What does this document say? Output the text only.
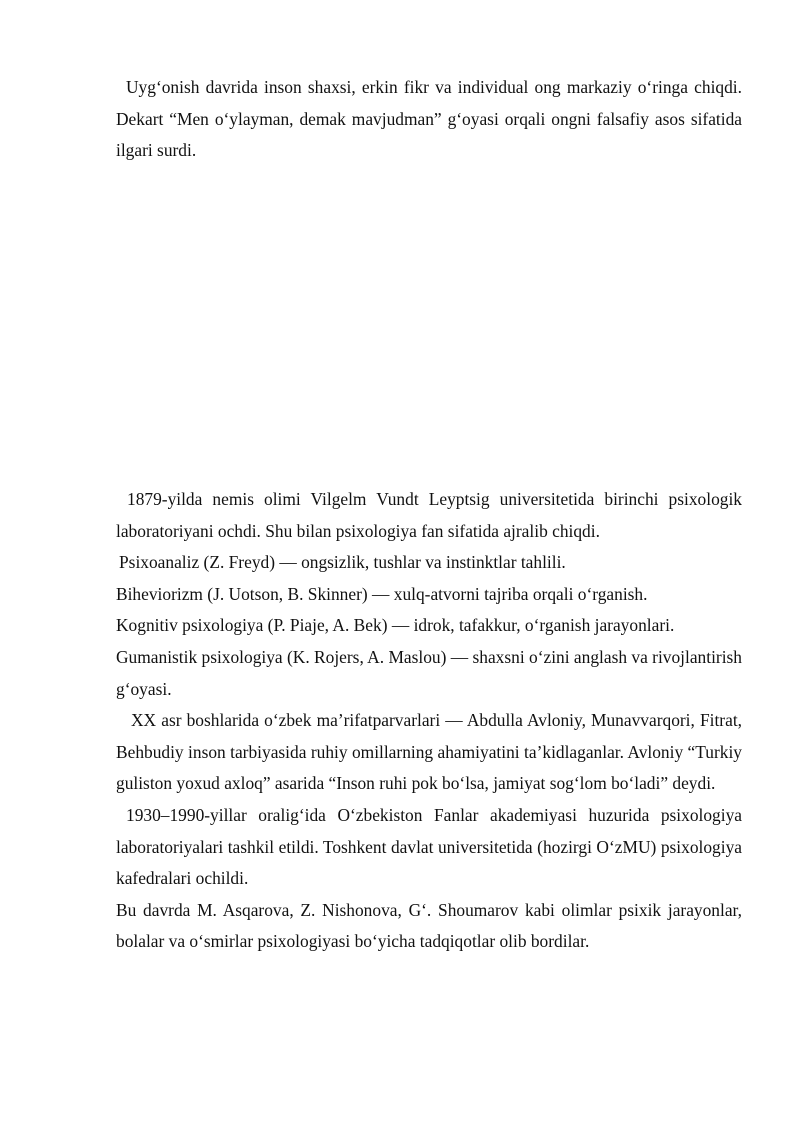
Uyg‘onish davrida inson shaxsi, erkin fikr va individual ong markaziy o‘ringa chiqdi. Dekart “Men o‘ylayman, demak mavjudman” g‘oyasi orqali ongni falsafiy asos sifatida ilgari surdi.

1879-yilda nemis olimi Vilgelm Vundt Leyptsig universitetida birinchi psixologik laboratoriyani ochdi. Shu bilan psixologiya fan sifatida ajralib chiqdi.

Psixoanaliz (Z. Freyd) — ongsizlik, tushlar va instinktlar tahlili.

Biheviorizm (J. Uotson, B. Skinner) — xulq-atvorni tajriba orqali o‘rganish.

Kognitiv psixologiya (P. Piaje, A. Bek) — idrok, tafakkur, o‘rganish jarayonlari.

Gumanistik psixologiya (K. Rojers, A. Maslou) — shaxsni o‘zini anglash va rivojlantirish g‘oyasi.

XX asr boshlarida o‘zbek ma’rifatparvarlari — Abdulla Avloniy, Munavvarqori, Fitrat, Behbudiy inson tarbiyasida ruhiy omillarning ahamiyatini ta’kidlaganlar. Avloniy “Turkiy guliston yoxud axloq” asarida “Inson ruhi pok bo‘lsa, jamiyat sog‘lom bo‘ladi” deydi.

1930–1990-yillar oralig‘ida O‘zbekiston Fanlar akademiyasi huzurida psixologiya laboratoriyalari tashkil etildi. Toshkent davlat universitetida (hozirgi O‘zMU) psixologiya kafedralari ochildi.

Bu davrda M. Asqarova, Z. Nishonova, G‘. Shoumarov kabi olimlar psixik jarayonlar, bolalar va o‘smirlar psixologiyasi bo‘yicha tadqiqotlar olib bordilar.
